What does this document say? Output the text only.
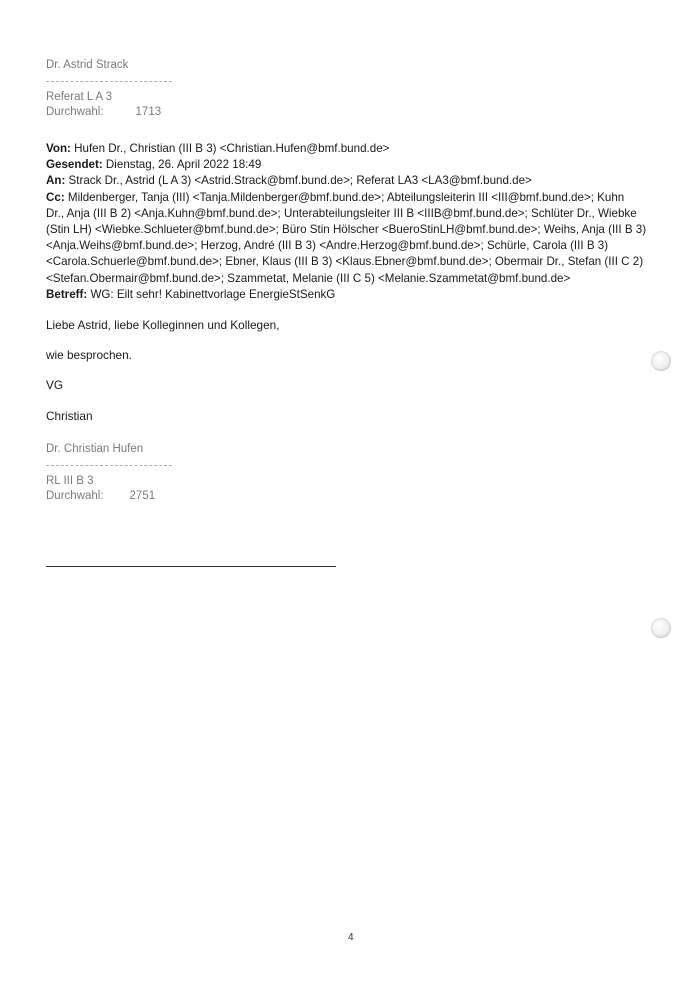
Dr. Astrid Strack
Referat L A 3
Durchwahl:	1713
Von: Hufen Dr., Christian (III B 3) <Christian.Hufen@bmf.bund.de>
Gesendet: Dienstag, 26. April 2022 18:49
An: Strack Dr., Astrid (L A 3) <Astrid.Strack@bmf.bund.de>; Referat LA3 <LA3@bmf.bund.de>
Cc: Mildenberger, Tanja (III) <Tanja.Mildenberger@bmf.bund.de>; Abteilungsleiterin III <III@bmf.bund.de>; Kuhn
Dr., Anja (III B 2) <Anja.Kuhn@bmf.bund.de>; Unterabteilungsleiter III B <IIIB@bmf.bund.de>; Schlüter Dr., Wiebke
(Stin LH) <Wiebke.Schlueter@bmf.bund.de>; Büro Stin Hölscher <BueroStinLH@bmf.bund.de>; Weihs, Anja (III B 3)
<Anja.Weihs@bmf.bund.de>; Herzog, André (III B 3) <Andre.Herzog@bmf.bund.de>; Schürle, Carola (III B 3)
<Carola.Schuerle@bmf.bund.de>; Ebner, Klaus (III B 3) <Klaus.Ebner@bmf.bund.de>; Obermair Dr., Stefan (III C 2)
<Stefan.Obermair@bmf.bund.de>; Szammetat, Melanie (III C 5) <Melanie.Szammetat@bmf.bund.de>
Betreff: WG: Eilt sehr! Kabinettvorlage EnergieStSenkG
Liebe Astrid, liebe Kolleginnen und Kollegen,
wie besprochen.
VG
Christian
Dr. Christian Hufen
RL III B 3
Durchwahl: 2751
4
